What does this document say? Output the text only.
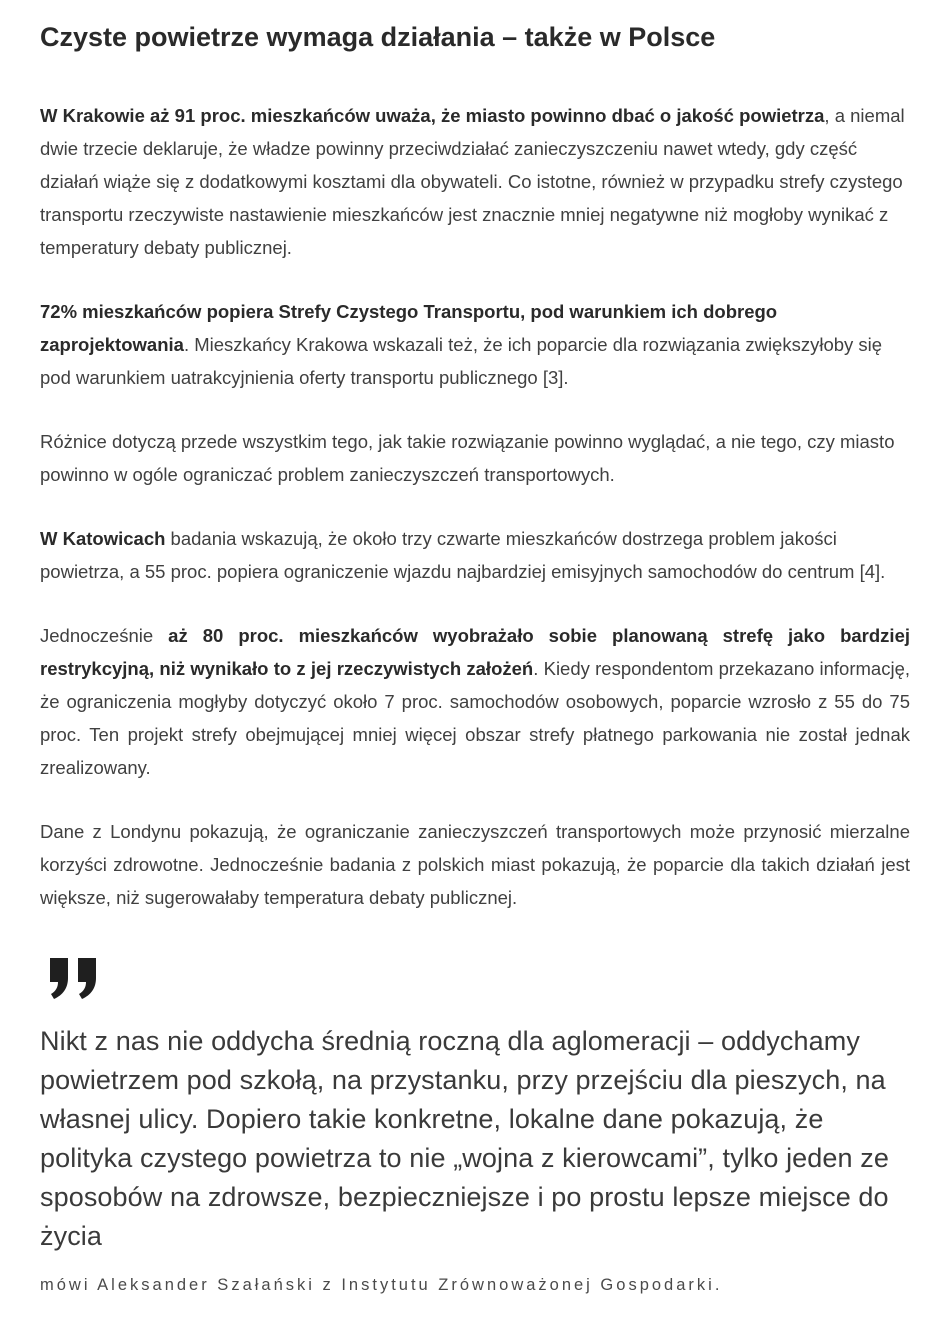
Czyste powietrze wymaga działania – także w Polsce

W Krakowie aż 91 proc. mieszkańców uważa, że miasto powinno dbać o jakość powietrza, a niemal dwie trzecie deklaruje, że władze powinny przeciwdziałać zanieczyszczeniu nawet wtedy, gdy część działań wiąże się z dodatkowymi kosztami dla obywateli. Co istotne, również w przypadku strefy czystego transportu rzeczywiste nastawienie mieszkańców jest znacznie mniej negatywne niż mogłoby wynikać z temperatury debaty publicznej.

72% mieszkańców popiera Strefy Czystego Transportu, pod warunkiem ich dobrego zaprojektowania. Mieszkańcy Krakowa wskazali też, że ich poparcie dla rozwiązania zwiększyłoby się pod warunkiem uatrakcyjnienia oferty transportu publicznego [3].

Różnice dotyczą przede wszystkim tego, jak takie rozwiązanie powinno wyglądać, a nie tego, czy miasto powinno w ogóle ograniczać problem zanieczyszczeń transportowych.

W Katowicach badania wskazują, że około trzy czwarte mieszkańców dostrzega problem jakości powietrza, a 55 proc. popiera ograniczenie wjazdu najbardziej emisyjnych samochodów do centrum [4].

Jednocześnie aż 80 proc. mieszkańców wyobrażało sobie planowaną strefę jako bardziej restrykcyjną, niż wynikało to z jej rzeczywistych założeń. Kiedy respondentom przekazano informację, że ograniczenia mogłyby dotyczyć około 7 proc. samochodów osobowych, poparcie wzrosło z 55 do 75 proc. Ten projekt strefy obejmującej mniej więcej obszar strefy płatnego parkowania nie został jednak zrealizowany.

Dane z Londynu pokazują, że ograniczanie zanieczyszczeń transportowych może przynosić mierzalne korzyści zdrowotne. Jednocześnie badania z polskich miast pokazują, że poparcie dla takich działań jest większe, niż sugerowałaby temperatura debaty publicznej.

Nikt z nas nie oddycha średnią roczną dla aglomeracji – oddychamy powietrzem pod szkołą, na przystanku, przy przejściu dla pieszych, na własnej ulicy. Dopiero takie konkretne, lokalne dane pokazują, że polityka czystego powietrza to nie „wojna z kierowcami”, tylko jeden ze sposobów na zdrowsze, bezpieczniejsze i po prostu lepsze miejsce do życia

mówi Aleksander Szałański z Instytutu Zrównoważonej Gospodarki.
